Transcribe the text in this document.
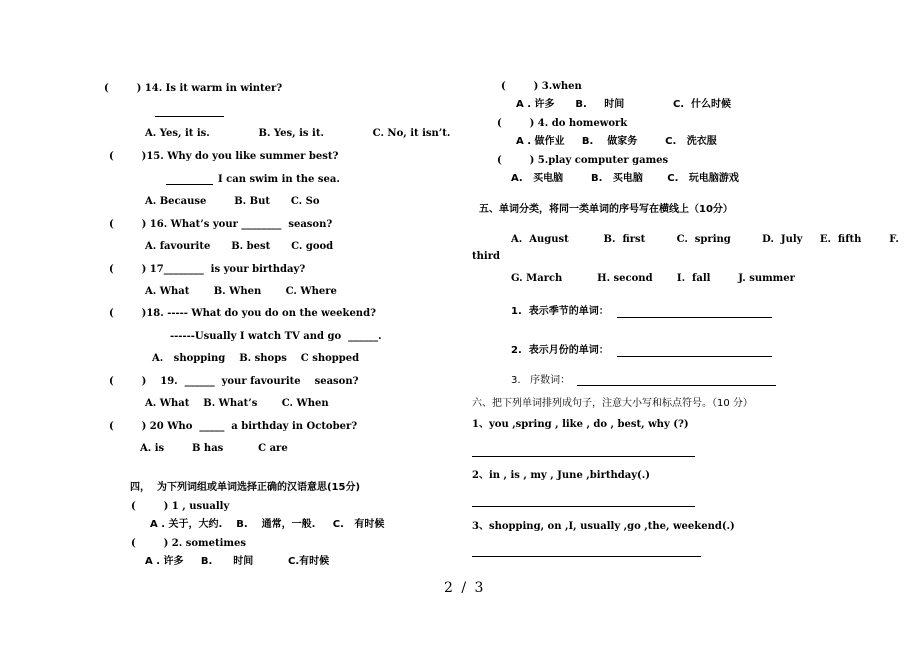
(        ) 14. Is it warm in winter?
A. Yes, it is.              B. Yes, is it.              C. No, it isn’t.
(        )15. Why do you like summer best?
I can swim in the sea.
A. Because        B. But      C. So
(        ) 16. What’s your ________  season?
A. favourite      B. best      C. good
(        ) 17________  is your birthday?
A. What       B. When       C. Where
(        )18. ----- What do you do on the weekend?
------Usually I watch TV and go  ______.
A.   shopping    B. shops    C shopped
(        )    19.  ______  your favourite    season?
A. What    B. What’s       C. When
(        ) 20 Who  _____  a birthday in October?
A. is        B has          C are
四，  为下列词组或单词选择正确的汉语意思(15分)
(        ) 1 , usually
A . 关于，大约.    B.    通常，一般.     C.   有时候
(        ) 2. sometimes
A . 许多     B.      时间          C.有时候
(        ) 3.when
A . 许多      B.     时间              C.  什么时候
(        ) 4. do homework
A . 做作业     B.    做家务        C.   洗衣服
(        ) 5.play computer games
A.   买电脑        B.   买电脑       C.   玩电脑游戏
五、单词分类，将同一类单词的序号写在横线上（10分）
A.  August          B.  first         C.  spring         D.  July     E.  fifth        F.
third
G. March          H. second       I.  fall        J. summer
1.  表示季节的单词：
2.  表示月份的单词：
3.   序数词：
六、把下列单词排列成句子，注意大小写和标点符号。（10 分）
1、you ,spring , like , do , best, why (?)
2、in , is , my , June ,birthday(.)
3、shopping, on ,I, usually ,go ,the, weekend(.)
2 / 3
